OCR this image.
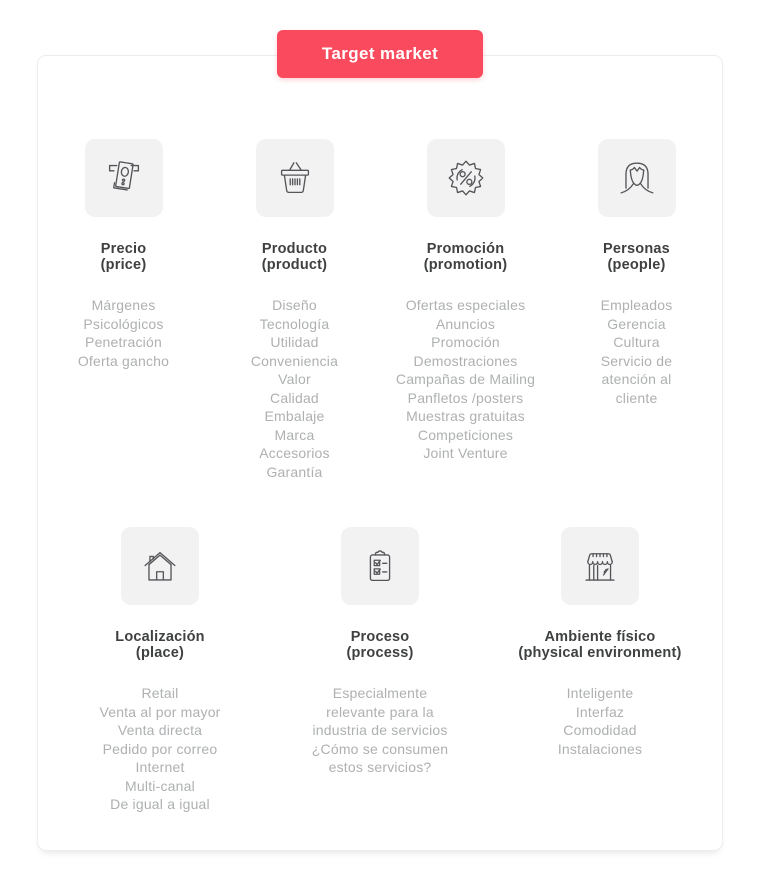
Target market
Precio
(price)
Márgenes
Psicológicos
Penetración
Oferta gancho
Producto
(product)
Diseño
Tecnología
Utilidad
Conveniencia
Valor
Calidad
Embalaje
Marca
Accesorios
Garantía
Promoción
(promotion)
Ofertas especiales
Anuncios
Promoción
Demostraciones
Campañas de Mailing
Panfletos /posters
Muestras gratuitas
Competiciones
Joint Venture
Personas
(people)
Empleados
Gerencia
Cultura
Servicio de atención al cliente
Localización
(place)
Retail
Venta al por mayor
Venta directa
Pedido por correo
Internet
Multi-canal
De igual a igual
Proceso
(process)
Especialmente relevante para la industria de servicios
¿Cómo se consumen estos servicios?
Ambiente físico
(physical environment)
Inteligente
Interfaz
Comodidad
Instalaciones
